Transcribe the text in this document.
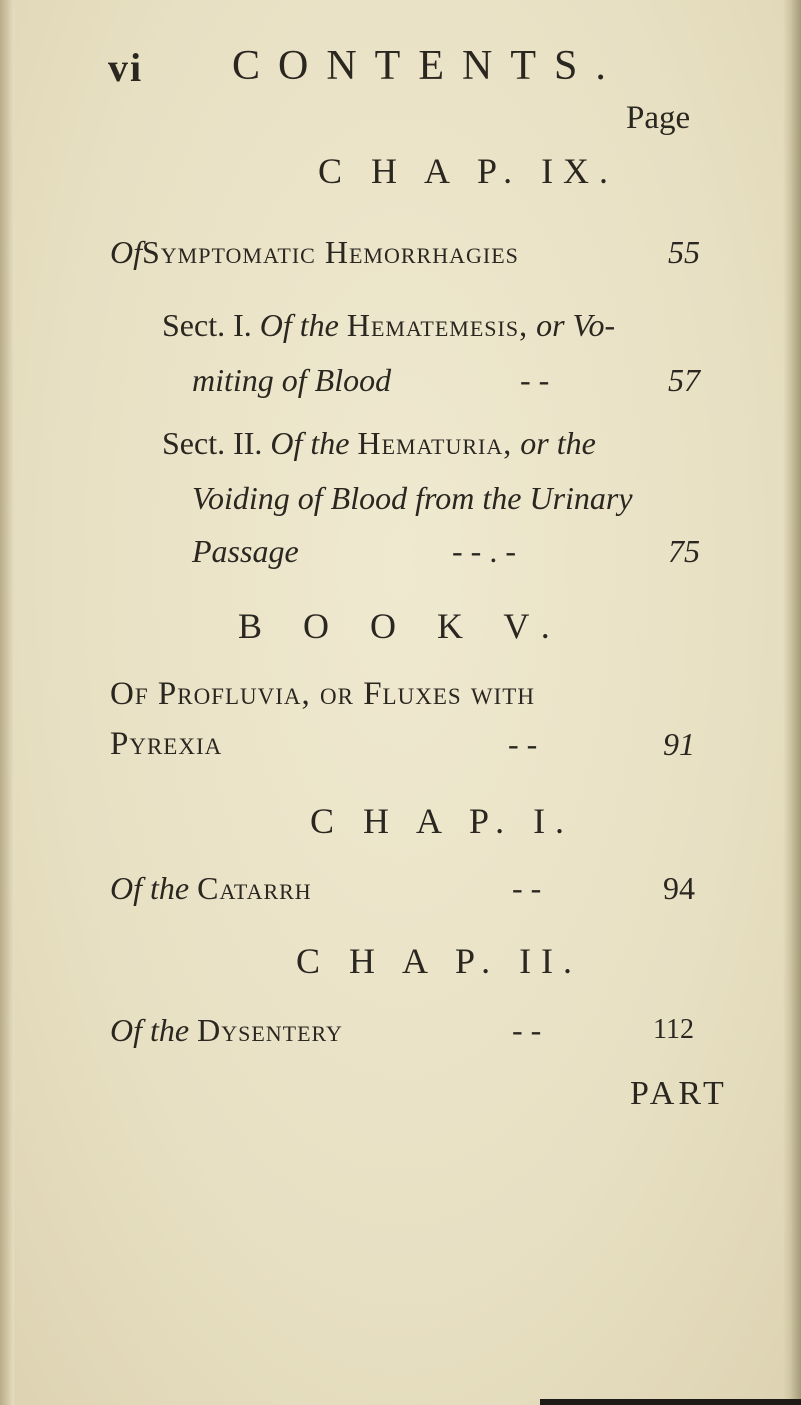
vi CONTENTS.
Page
C H A P. IX.
OfSymptomatic Hemorrhagies	55
Sect. I. Of the Hematemesis, or Vo-
miting of Blood	- -	57
Sect. II. Of the Hematuria, or the
Voiding of Blood from the Urinary
Passage	- - . -	75
B O O K V.
Of Profluvia, or Fluxes with
Pyrexia	- -	91
C H A P. I.
Of the Catarrh	- -	94
C H A P. II.
Of the Dysentery	- -	112
PART
